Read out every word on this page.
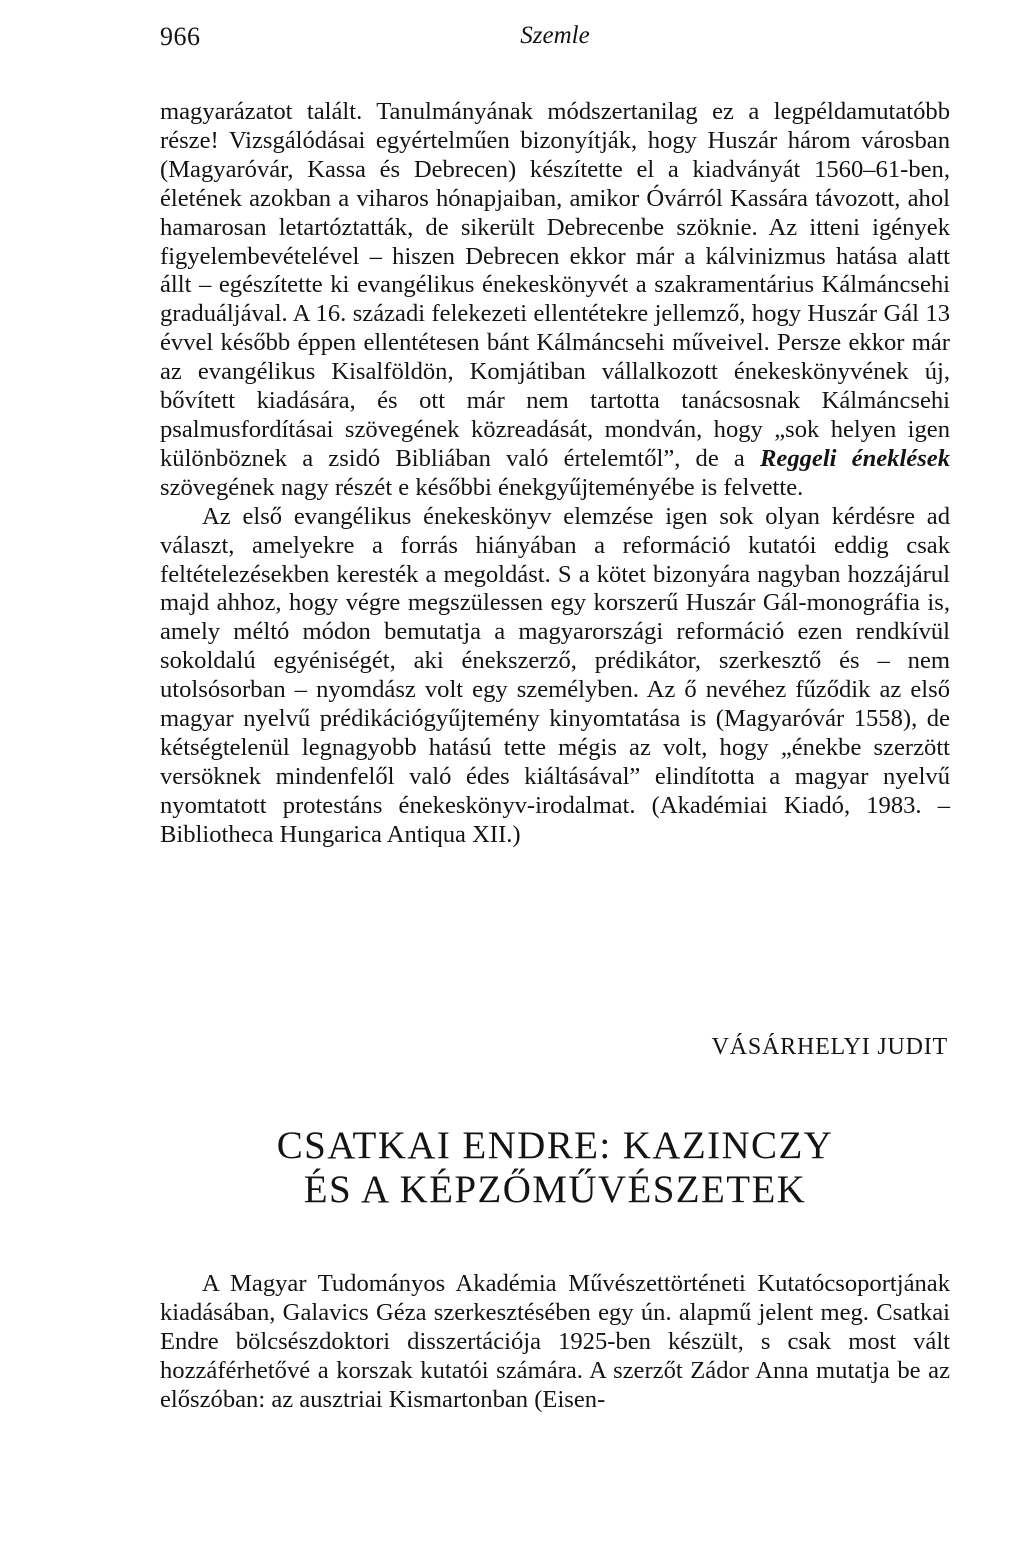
966	Szemle

magyarázatot talált. Tanulmányának módszertanilag ez a legpéldamutatóbb része! Vizsgálódásai egyértelműen bizonyítják, hogy Huszár három városban (Magyaróvár, Kassa és Debrecen) készítette el a kiadványát 1560–61-ben, életének azokban a viharos hónapjaiban, amikor Óvárról Kassára távozott, ahol hamarosan letartóztatták, de sikerült Debrecenbe szöknie. Az itteni igények figyelembevételével – hiszen Debrecen ekkor már a kálvinizmus hatása alatt állt – egészítette ki evangélikus énekeskönyvét a szakramentárius Kálmáncsehi graduáljával. A 16. századi felekezeti ellentétekre jellemző, hogy Huszár Gál 13 évvel később éppen ellentétesen bánt Kálmáncsehi műveivel. Persze ekkor már az evangélikus Kisalföldön, Komjátiban vállalkozott énekeskönyvének új, bővített kiadására, és ott már nem tartotta tanácsosnak Kálmáncsehi psalmusfordításai szövegének közreadását, mondván, hogy „sok helyen igen különböznek a zsidó Bibliában való értelemtől”, de a Reggeli éneklések szövegének nagy részét e későbbi énekgyűjteményébe is felvette.

Az első evangélikus énekeskönyv elemzése igen sok olyan kérdésre ad választ, amelyekre a forrás hiányában a reformáció kutatói eddig csak feltételezésekben keresték a megoldást. S a kötet bizonyára nagyban hozzájárul majd ahhoz, hogy végre megszülessen egy korszerű Huszár Gál-monográfia is, amely méltó módon bemutatja a magyarországi reformáció ezen rendkívül sokoldalú egyéniségét, aki énekszerző, prédikátor, szerkesztő és – nem utolsósorban – nyomdász volt egy személyben. Az ő nevéhez fűződik az első magyar nyelvű prédikációgyűjtemény kinyomtatása is (Magyaróvár 1558), de kétségtelenül legnagyobb hatású tette mégis az volt, hogy „énekbe szerzött versöknek mindenfelől való édes kiáltásával” elindította a magyar nyelvű nyomtatott protestáns énekeskönyv-irodalmat. (Akadémiai Kiadó, 1983. – Bibliotheca Hungarica Antiqua XII.)

VÁSÁRHELYI JUDIT
CSATKAI ENDRE: KAZINCZY
ÉS A KÉPZŐMŰVÉSZETEK

A Magyar Tudományos Akadémia Művészettörténeti Kutatócsoportjának kiadásában, Galavics Géza szerkesztésében egy ún. alapmű jelent meg. Csatkai Endre bölcsészdoktori disszertációja 1925-ben készült, s csak most vált hozzáférhetővé a korszak kutatói számára. A szerzőt Zádor Anna mutatja be az előszóban: az ausztriai Kismartonban (Eisen-
